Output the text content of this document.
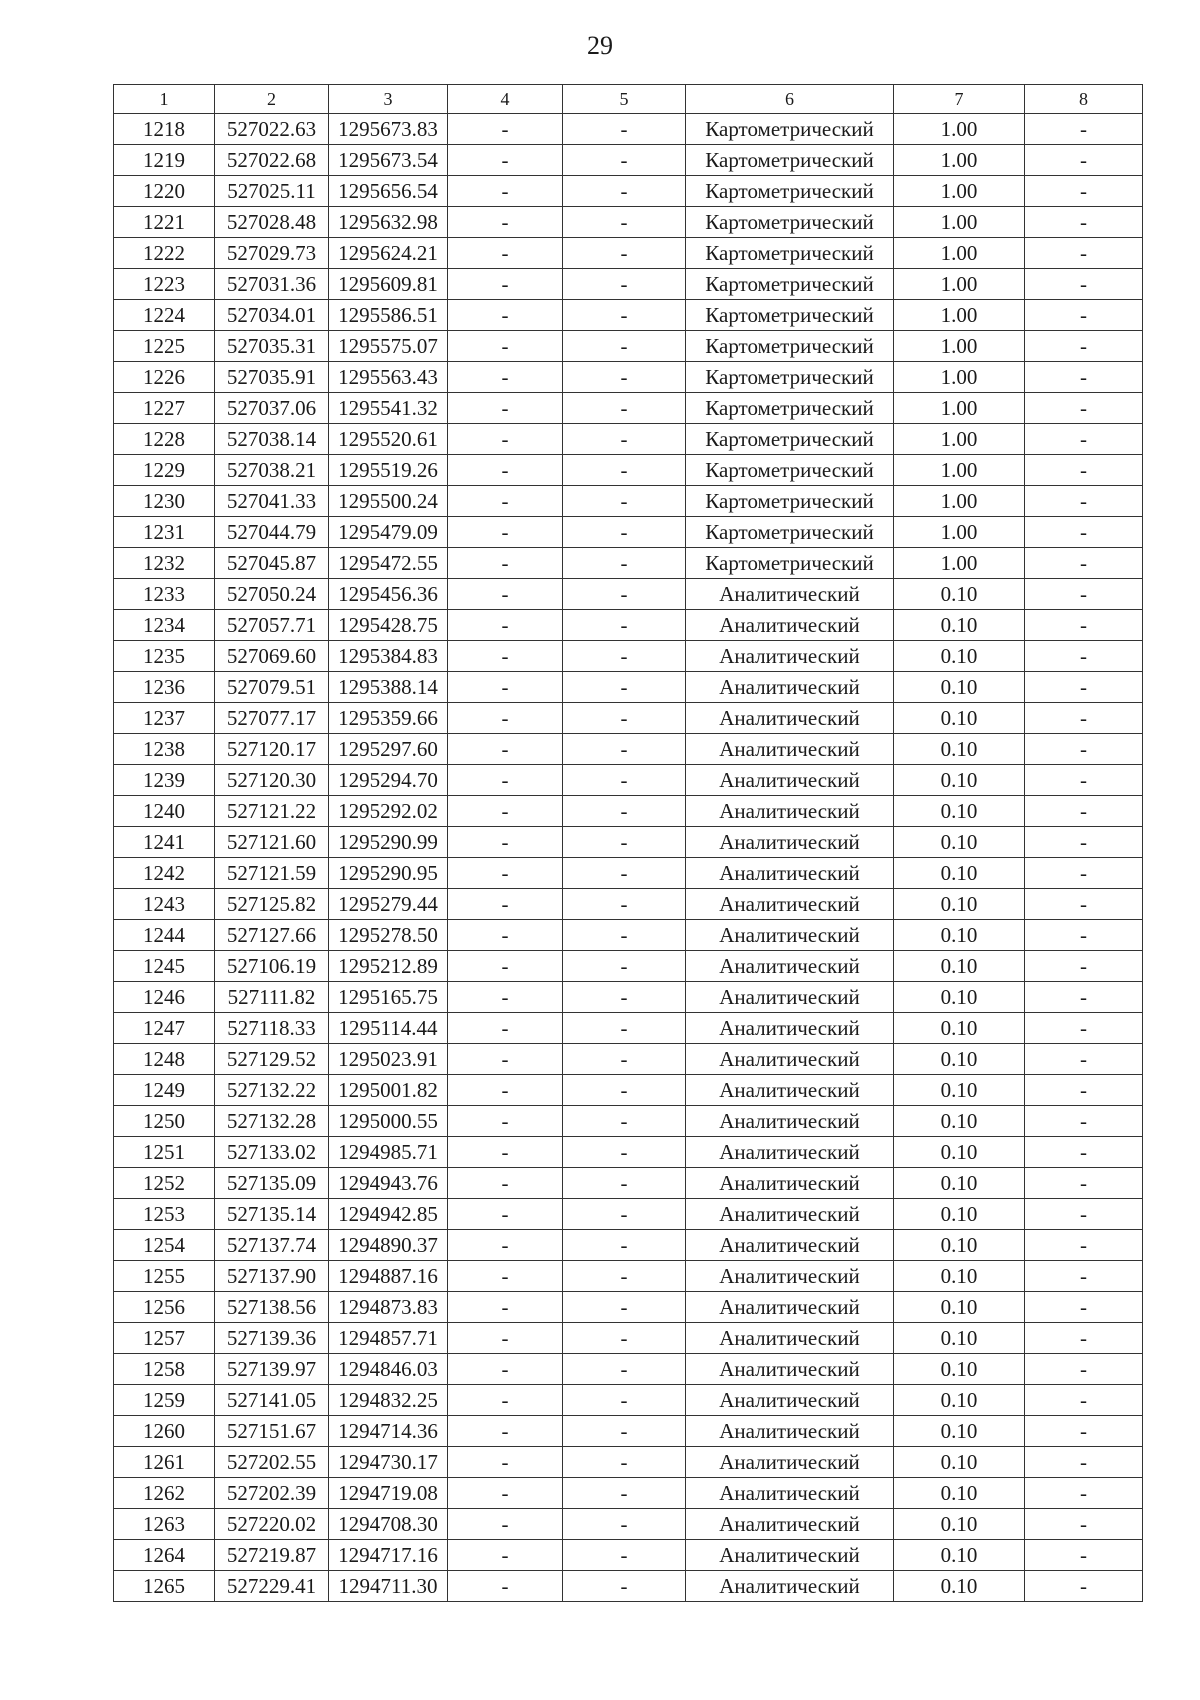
29
1	2	3	4	5	6	7	8
1218	527022.63	1295673.83	-	-	Картометрический	1.00	-
1219	527022.68	1295673.54	-	-	Картометрический	1.00	-
1220	527025.11	1295656.54	-	-	Картометрический	1.00	-
1221	527028.48	1295632.98	-	-	Картометрический	1.00	-
1222	527029.73	1295624.21	-	-	Картометрический	1.00	-
1223	527031.36	1295609.81	-	-	Картометрический	1.00	-
1224	527034.01	1295586.51	-	-	Картометрический	1.00	-
1225	527035.31	1295575.07	-	-	Картометрический	1.00	-
1226	527035.91	1295563.43	-	-	Картометрический	1.00	-
1227	527037.06	1295541.32	-	-	Картометрический	1.00	-
1228	527038.14	1295520.61	-	-	Картометрический	1.00	-
1229	527038.21	1295519.26	-	-	Картометрический	1.00	-
1230	527041.33	1295500.24	-	-	Картометрический	1.00	-
1231	527044.79	1295479.09	-	-	Картометрический	1.00	-
1232	527045.87	1295472.55	-	-	Картометрический	1.00	-
1233	527050.24	1295456.36	-	-	Аналитический	0.10	-
1234	527057.71	1295428.75	-	-	Аналитический	0.10	-
1235	527069.60	1295384.83	-	-	Аналитический	0.10	-
1236	527079.51	1295388.14	-	-	Аналитический	0.10	-
1237	527077.17	1295359.66	-	-	Аналитический	0.10	-
1238	527120.17	1295297.60	-	-	Аналитический	0.10	-
1239	527120.30	1295294.70	-	-	Аналитический	0.10	-
1240	527121.22	1295292.02	-	-	Аналитический	0.10	-
1241	527121.60	1295290.99	-	-	Аналитический	0.10	-
1242	527121.59	1295290.95	-	-	Аналитический	0.10	-
1243	527125.82	1295279.44	-	-	Аналитический	0.10	-
1244	527127.66	1295278.50	-	-	Аналитический	0.10	-
1245	527106.19	1295212.89	-	-	Аналитический	0.10	-
1246	527111.82	1295165.75	-	-	Аналитический	0.10	-
1247	527118.33	1295114.44	-	-	Аналитический	0.10	-
1248	527129.52	1295023.91	-	-	Аналитический	0.10	-
1249	527132.22	1295001.82	-	-	Аналитический	0.10	-
1250	527132.28	1295000.55	-	-	Аналитический	0.10	-
1251	527133.02	1294985.71	-	-	Аналитический	0.10	-
1252	527135.09	1294943.76	-	-	Аналитический	0.10	-
1253	527135.14	1294942.85	-	-	Аналитический	0.10	-
1254	527137.74	1294890.37	-	-	Аналитический	0.10	-
1255	527137.90	1294887.16	-	-	Аналитический	0.10	-
1256	527138.56	1294873.83	-	-	Аналитический	0.10	-
1257	527139.36	1294857.71	-	-	Аналитический	0.10	-
1258	527139.97	1294846.03	-	-	Аналитический	0.10	-
1259	527141.05	1294832.25	-	-	Аналитический	0.10	-
1260	527151.67	1294714.36	-	-	Аналитический	0.10	-
1261	527202.55	1294730.17	-	-	Аналитический	0.10	-
1262	527202.39	1294719.08	-	-	Аналитический	0.10	-
1263	527220.02	1294708.30	-	-	Аналитический	0.10	-
1264	527219.87	1294717.16	-	-	Аналитический	0.10	-
1265	527229.41	1294711.30	-	-	Аналитический	0.10	-
